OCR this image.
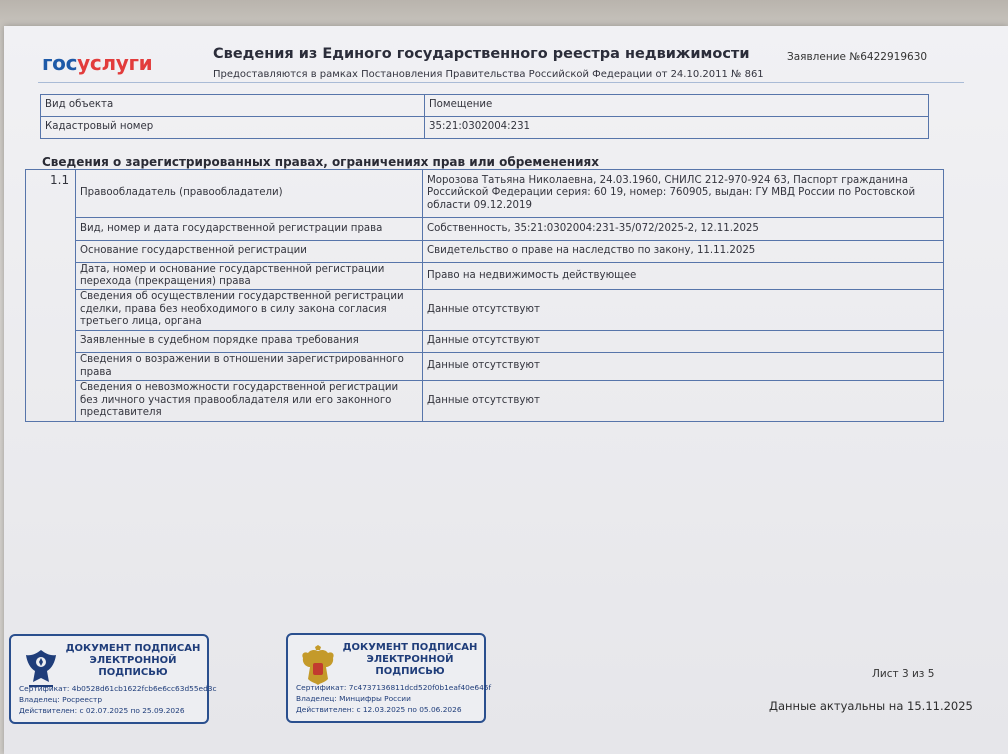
госуслуги	Сведения из Единого государственного реестра недвижимости
Предоставляются в рамках Постановления Правительства Российской Федерации от 24.10.2011 № 861
Заявление №6422919630
Вид объекта	Помещение
Кадастровый номер	35:21:0302004:231
Сведения о зарегистрированных правах, ограничениях прав или обременениях
1.1	Правообладатель (правообладатели)	Морозова Татьяна Николаевна, 24.03.1960, СНИЛС 212-970-924 63, Паспорт гражданина Российской Федерации серия: 60 19, номер: 760905, выдан: ГУ МВД России по Ростовской области 09.12.2019
	Вид, номер и дата государственной регистрации права	Собственность, 35:21:0302004:231-35/072/2025-2, 12.11.2025
	Основание государственной регистрации	Свидетельство о праве на наследство по закону, 11.11.2025
	Дата, номер и основание государственной регистрации перехода (прекращения) права	Право на недвижимость действующее
	Сведения об осуществлении государственной регистрации сделки, права без необходимого в силу закона согласия третьего лица, органа	Данные отсутствуют
	Заявленные в судебном порядке права требования	Данные отсутствуют
	Сведения о возражении в отношении зарегистрированного права	Данные отсутствуют
	Сведения о невозможности государственной регистрации без личного участия правообладателя или его законного представителя	Данные отсутствуют
ДОКУМЕНТ ПОДПИСАН ЭЛЕКТРОННОЙ ПОДПИСЬЮ
Сертификат: 4b0528d61cb1622fcb6e6cc63d55ed3c
Владелец: Росреестр
Действителен: с 02.07.2025 по 25.09.2026
ДОКУМЕНТ ПОДПИСАН ЭЛЕКТРОННОЙ ПОДПИСЬЮ
Сертификат: 7c4737136811dcd520f0b1eaf40e645f
Владелец: Минцифры России
Действителен: с 12.03.2025 по 05.06.2026
Лист 3 из 5
Данные актуальны на 15.11.2025
